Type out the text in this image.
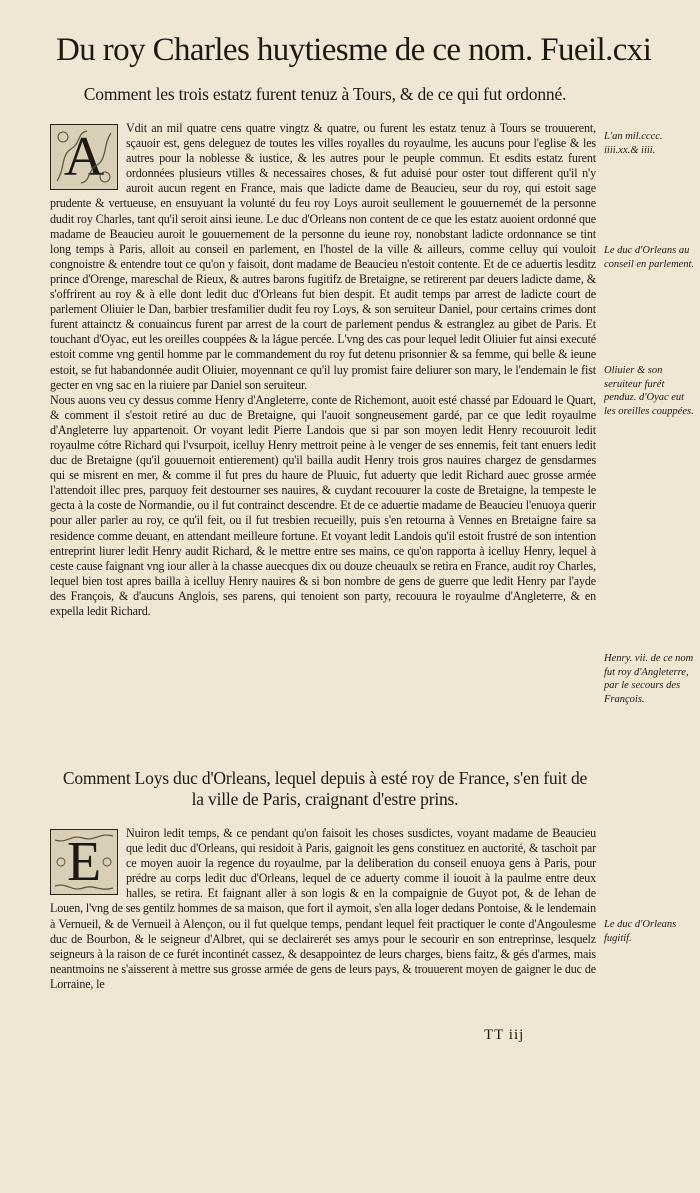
Du roy Charles huytiesme de ce nom. Fueil.cxi
Comment les trois estatz furent tenuz à Tours, & de ce qui fut ordonné.
A	Vdit an mil quatre cens quatre vingtz & quatre, ou furent les estatz tenuz à Tours se trouuerent, sçauoir est, gens deleguez de toutes les villes royalles du royaulme, les aucuns pour l'eglise & les autres pour la noblesse & iustice, & les autres pour le peuple commun. Et esdits estatz furent ordonnées plusieurs vtilles & necessaires choses, & fut aduisé pour oster tout different qu'il n'y auroit aucun regent en France, mais que ladicte dame de Beaucieu, seur du roy, qui estoit sage prudente & vertueuse, en ensuyuant la volunté du feu roy Loys auroit seullement le gouuernemét de la personne dudit roy Charles, tant qu'il seroit ainsi ieune. Le duc d'Orleans non content de ce que les estatz auoient ordonné que madame de Beaucieu auroit le gouuernement de la personne du ieune roy, nonobstant ladicte ordonnance se tint long temps à Paris, alloit au conseil en parlement, en l'hostel de la ville & ailleurs, comme celluy qui vouloit congnoistre & entendre tout ce qu'on y faisoit, dont madame de Beaucieu n'estoit contente. Et de ce aduertis lesditz prince d'Orenge, mareschal de Rieux, & autres barons fugitifz de Bretaigne, se retirerent par deuers ladicte dame, & s'offrirent au roy & à elle dont ledit duc d'Orleans fut bien despit. Et audit temps par arrest de ladicte court de parlement Oliuier le Dan, barbier tresfamilier dudit feu roy Loys, & son seruiteur Daniel, pour certains crimes dont furent attainctz & conuaincus furent par arrest de la court de parlement pendus & estranglez au gibet de Paris. Et touchant d'Oyac, eut les oreilles couppées & la lágue percée. L'vng des cas pour lequel ledit Oliuier fut ainsi executé estoit comme vng gentil homme par le commandement du roy fut detenu prisonnier & sa femme, qui belle & ieune estoit, se fut habandonnée audit Oliuier, moyennant ce qu'il luy promist faire deliurer son mary, le l'endemain le fist gecter en vng sac en la riuiere par Daniel son seruiteur.

Nous auons veu cy dessus comme Henry d'Angleterre, conte de Richemont, auoit esté chassé par Edouard le Quart, & comment il s'estoit retiré au duc de Bretaigne, qui l'auoit songneusement gardé, par ce que ledit royaulme d'Angleterre luy appartenoit. Or voyant ledit Pierre Landois que si par son moyen ledit Henry recouuroit ledit royaulme cótre Richard qui l'vsurpoit, icelluy Henry mettroit peine à le venger de ses ennemis, feit tant enuers ledit duc de Bretaigne (qu'il gouuernoit entierement) qu'il bailla audit Henry trois gros nauires chargez de gensdarmes qui se misrent en mer, & comme il fut pres du haure de Pluuic, fut aduerty que ledit Richard auec grosse armée l'attendoit illec pres, parquoy feit destourner ses nauires, & cuydant recouurer la coste de Bretaigne, la tempeste le gecta à la coste de Normandie, ou il fut contrainct descendre. Et de ce aduertie madame de Beaucieu l'enuoya querir pour aller parler au roy, ce qu'il feit, ou il fut tresbien recueilly, puis s'en retourna à Vennes en Bretaigne faire sa residence comme deuant, en attendant meilleure fortune. Et voyant ledit Landois qu'il estoit frustré de son intention entreprint liurer ledit Henry audit Richard, & le mettre entre ses mains, ce qu'on rapporta à icelluy Henry, lequel à ceste cause faignant vng iour aller à la chasse auecques dix ou douze cheuaulx se retira en France, audit roy Charles, lequel bien tost apres bailla à icelluy Henry nauires & si bon nombre de gens de guerre que ledit Henry par l'ayde des François, & d'aucuns Anglois, ses parens, qui tenoient son party, recouura le royaulme d'Angleterre, & en expella ledit Richard.

Comment Loys duc d'Orleans, lequel depuis à esté roy de France, s'en fuit de la ville de Paris, craignant d'estre prins.
E	Nuiron ledit temps, & ce pendant qu'on faisoit les choses susdictes, voyant madame de Beaucieu que ledit duc d'Orleans, qui residoit à Paris, gaignoit les gens constituez en auctorité, & taschoit par ce moyen auoir la regence du royaulme, par la deliberation du conseil enuoya gens à Paris, pour prédre au corps ledit duc d'Orleans, lequel de ce aduerty comme il iouoit à la paulme entre deux halles, se retira. Et faignant aller à son logis & en la compaignie de Guyot pot, & de Iehan de Louen, l'vng de ses gentilz hommes de sa maison, que fort il aymoit, s'en alla loger dedans Pontoise, & le lendemain à Vernueil, & de Vernueil à Alençon, ou il fut quelque temps, pendant lequel feit practiquer le conte d'Angoulesme duc de Bourbon, & le seigneur d'Albret, qui se declairerét ses amys pour le secourir en son entreprinse, lesquelz seigneurs à la raison de ce furét incontinét cassez, & desappointez de leurs charges, biens faitz, & gés d'armes, mais neantmoins ne s'aisserent à mettre sus grosse armée de gens de leurs pays, & trouuerent moyen de gaigner le duc de Lorraine, le

L'an mil.cccc. iiii.xx.& iiii.
Le duc d'Orleans au conseil en parlement.
Oliuier & son seruiteur furét penduz. d'Oyac eut les oreilles couppées.
Henry. vii. de ce nom fut roy d'Angleterre, par le secours des François.
Le duc d'Orleans fugitif.
TT iij
